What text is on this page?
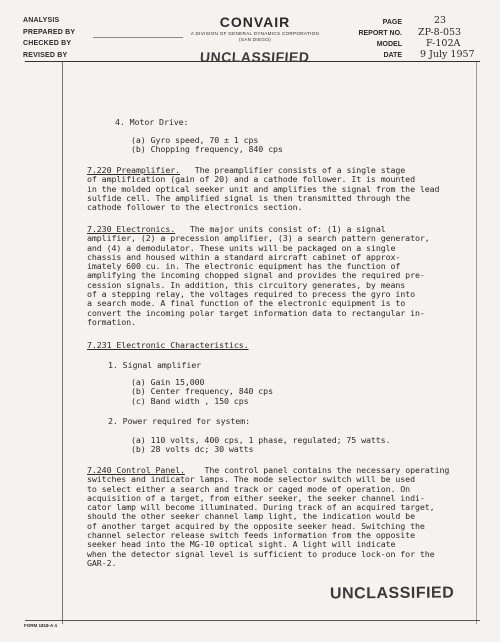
ANALYSIS
PREPARED BY
CHECKED BY
REVISED BY
CONVAIR
A DIVISION OF GENERAL DYNAMICS CORPORATION
(SAN DIEGO)
PAGE	23
REPORT NO. ZP-8-053
MODEL	F-102A
DATE 9 July 1957
UNCLASSIFIED
4. Motor Drive:
(a) Gyro speed, 70 ± 1 cps
(b) Chopping frequency, 840 cps
7.220 Preamplifier. The preamplifier consists of a single stage
of amplification (gain of 20) and a cathode follower. It is mounted
in the molded optical seeker unit and amplifies the signal from the lead
sulfide cell. The amplified signal is then transmitted through the
cathode follower to the electronics section.
7.230 Electronics. The major units consist of: (1) a signal
amplifier, (2) a precession amplifier, (3) a search pattern generator,
and (4) a demodulator. These units will be packaged on a single
chassis and housed within a standard aircraft cabinet of approx-
imately 600 cu. in. The electronic equipment has the function of
amplifying the incoming chopped signal and provides the required pre-
cession signals. In addition, this circuitory generates, by means
of a stepping relay, the voltages required to precess the gyro into
a search mode. A final function of the electronic equipment is to
convert the incoming polar target information data to rectangular in-
formation.
7.231 Electronic Characteristics.
1. Signal amplifier
(a) Gain 15,000
(b) Center frequency, 840 cps
(c) Band width , 150 cps
2. Power required for system:
(a) 110 volts, 400 cps, 1 phase, regulated; 75 watts.
(b) 28 volts dc; 30 watts
7.240 Control Panel. The control panel contains the necessary operating
switches and indicator lamps. The mode selector switch will be used
to select either a search and track or caged mode of operation. On
acquisition of a target, from either seeker, the seeker channel indi-
cator lamp will become illuminated. During track of an acquired target,
should the other seeker channel lamp light, the indication would be
of another target acquired by the opposite seeker head. Switching the
channel selector release switch feeds information from the opposite
seeker head into the MG-10 optical sight. A light will indicate
when the detector signal level is sufficient to produce lock-on for the
GAR-2.
UNCLASSIFIED
FORM 1818-A-1
